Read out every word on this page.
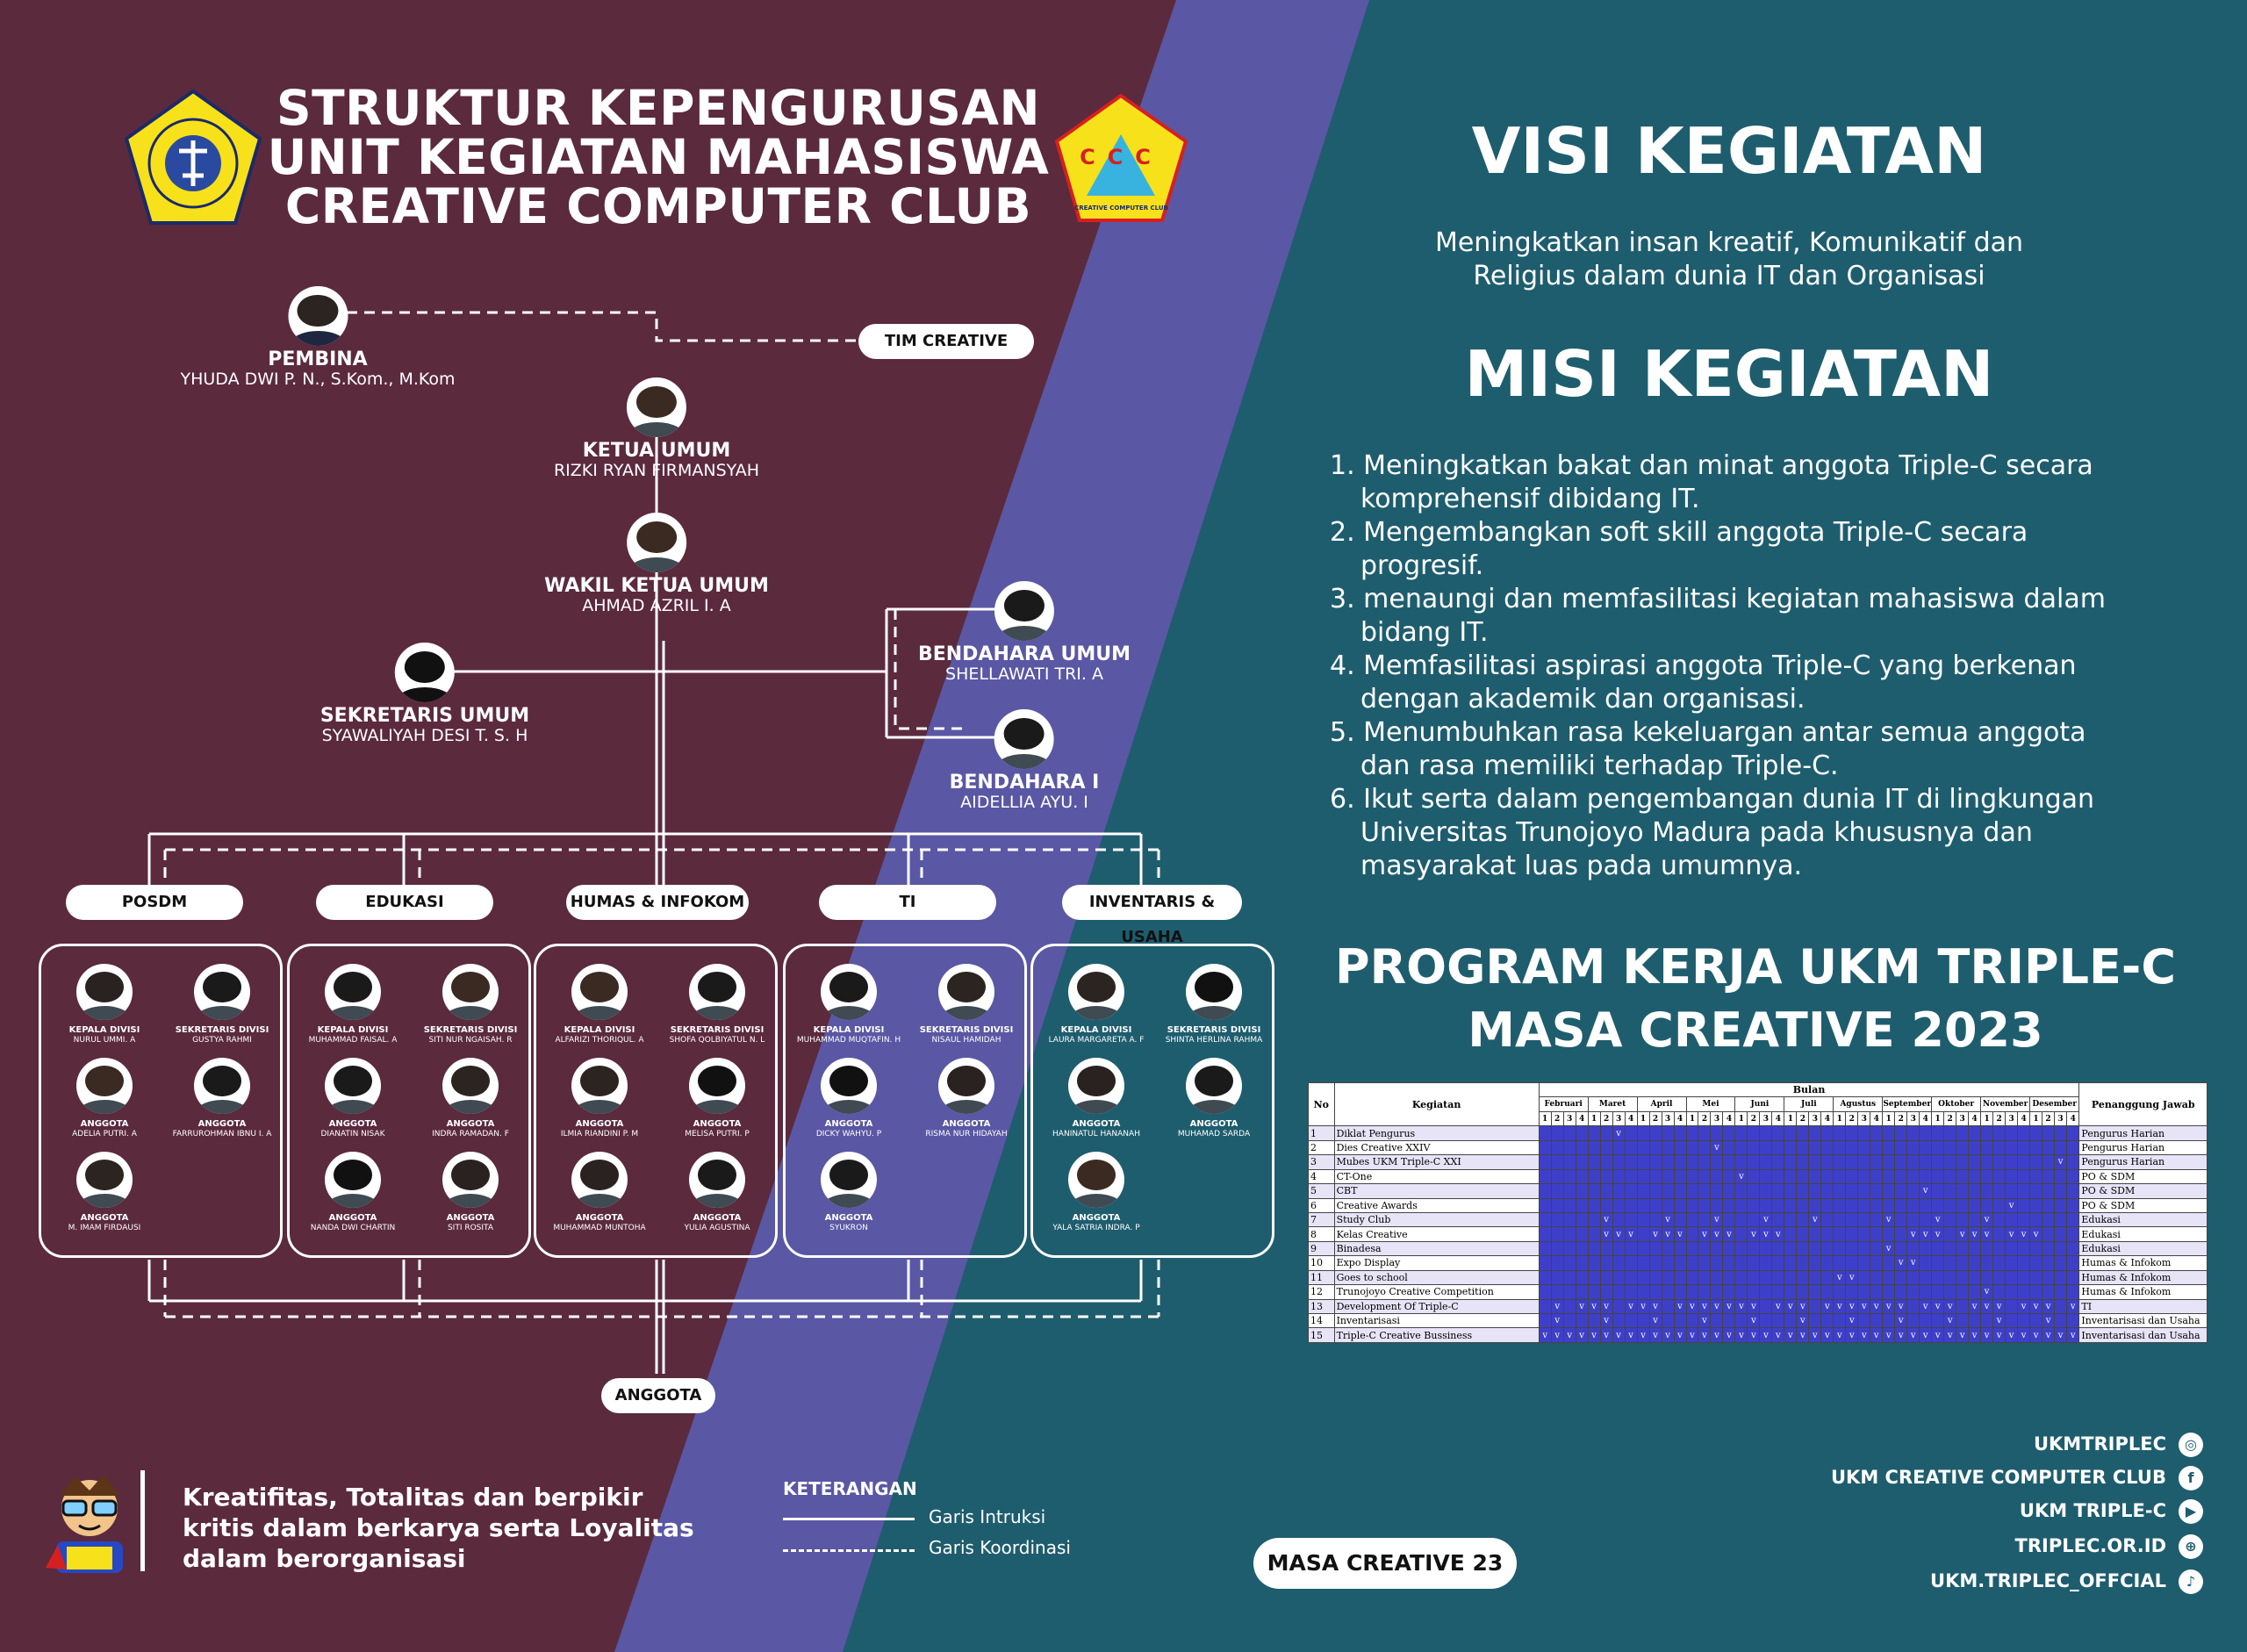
STRUKTUR KEPENGURUSAN
UNIT KEGIATAN MAHASISWA
CREATIVE COMPUTER CLUB
CCC
CREATIVE COMPUTER CLUB
PEMBINA
YHUDA DWI P. N., S.Kom., M.Kom
TIM CREATIVE
KETUA UMUM
RIZKI RYAN FIRMANSYAH
WAKIL KETUA UMUM
AHMAD AZRIL I. A
BENDAHARA UMUM
SHELLAWATI TRI. A
SEKRETARIS UMUM
SYAWALIYAH DESI T. S. H
BENDAHARA I
AIDELLIA AYU. I
POSDM	EDUKASI	HUMAS & INFOKOM	TI	INVENTARIS & USAHA
KEPALA DIVISI
NURUL UMMI. A
SEKRETARIS DIVISI
GUSTYA RAHMI
ANGGOTA
ADELIA PUTRI. A
ANGGOTA
FARRUROHMAN IBNU I. A
ANGGOTA
M. IMAM FIRDAUSI
KEPALA DIVISI
MUHAMMAD FAISAL. A
SEKRETARIS DIVISI
SITI NUR NGAISAH. R
ANGGOTA
DIANATIN NISAK
ANGGOTA
INDRA RAMADAN. F
ANGGOTA
NANDA DWI CHARTIN
ANGGOTA
SITI ROSITA
KEPALA DIVISI
ALFARIZI THORIQUL. A
SEKRETARIS DIVISI
SHOFA QOLBIYATUL N. L
ANGGOTA
ILMIA RIANDINI P. M
ANGGOTA
MELISA PUTRI. P
ANGGOTA
MUHAMMAD MUNTOHA
ANGGOTA
YULIA AGUSTINA
KEPALA DIVISI
MUHAMMAD MUQTAFIN. H
SEKRETARIS DIVISI
NISAUL HAMIDAH
ANGGOTA
DICKY WAHYU. P
ANGGOTA
RISMA NUR HIDAYAH
ANGGOTA
SYUKRON
KEPALA DIVISI
LAURA MARGARETA A. F
SEKRETARIS DIVISI
SHINTA HERLINA RAHMA
ANGGOTA
HANINATUL HANANAH
ANGGOTA
MUHAMAD SARDA
ANGGOTA
YALA SATRIA INDRA. P
ANGGOTA
Kreatifitas, Totalitas dan berpikir
kritis dalam berkarya serta Loyalitas
dalam berorganisasi
KETERANGAN
Garis Intruksi
Garis Koordinasi
MASA CREATIVE 23
VISI KEGIATAN
Meningkatkan insan kreatif, Komunikatif dan
Religius dalam dunia IT dan Organisasi
MISI KEGIATAN
1. Meningkatkan bakat dan minat anggota Triple-C secara
komprehensif dibidang IT.
2. Mengembangkan soft skill anggota Triple-C secara
progresif.
3. menaungi dan memfasilitasi kegiatan mahasiswa dalam
bidang IT.
4. Memfasilitasi aspirasi anggota Triple-C yang berkenan
dengan akademik dan organisasi.
5. Menumbuhkan rasa kekeluargan antar semua anggota
dan rasa memiliki terhadap Triple-C.
6. Ikut serta dalam pengembangan dunia IT di lingkungan
Universitas Trunojoyo Madura pada khususnya dan
masyarakat luas pada umumnya.
PROGRAM KERJA UKM TRIPLE-C
MASA CREATIVE 2023
No	Kegiatan	Bulan																																												Penanggung Jawab
		Februari				Maret				April				Mei				Juni				Juli				Agustus				September				Oktober				November				Desember				
		1	2	3	4	1	2	3	4	1	2	3	4	1	2	3	4	1	2	3	4	1	2	3	4	1	2	3	4	1	2	3	4	1	2	3	4	1	2	3	4	1	2	3	4	
1	Diklat Pengurus							v																																						Pengurus Harian
2	Dies Creative XXIV															v																														Pengurus Harian
3	Mubes UKM Triple-C XXI																																											v		Pengurus Harian
4	CT-One																	v																												PO & SDM
5	CBT																																v													PO & SDM
6	Creative Awards																																							v						PO & SDM
7	Study Club						v					v				v				v				v						v				v				v								Edukasi
8	Kelas Creative						v	v	v		v	v	v		v	v	v		v	v	v											v	v	v		v	v	v		v	v	v				Edukasi
9	Binadesa																													v																Edukasi
10	Expo Display																														v	v														Humas & Infokom
11	Goes to school																									v	v																			Humas & Infokom
12	Trunojoyo Creative Competition																																					v								Humas & Infokom
13	Development Of Triple-C		v		v	v	v		v	v	v		v	v	v	v	v	v	v		v	v	v		v	v	v	v	v	v	v		v	v	v		v	v	v		v	v	v		v	TI
14	Inventarisasi		v				v				v				v				v				v				v				v				v				v				v			Inventarisasi dan Usaha
15	Triple-C Creative Bussiness	v	v	v	v	v	v	v	v	v	v	v	v	v	v	v	v	v	v	v	v	v	v	v	v	v	v	v	v	v	v	v	v	v	v	v	v	v	v	v	v	v	v	v	v	Inventarisasi dan Usaha
UKMTRIPLEC ◎
UKM CREATIVE COMPUTER CLUB f
UKM TRIPLE-C ▶
TRIPLEC.OR.ID ⊕
UKM.TRIPLEC_OFFCIAL ♪
